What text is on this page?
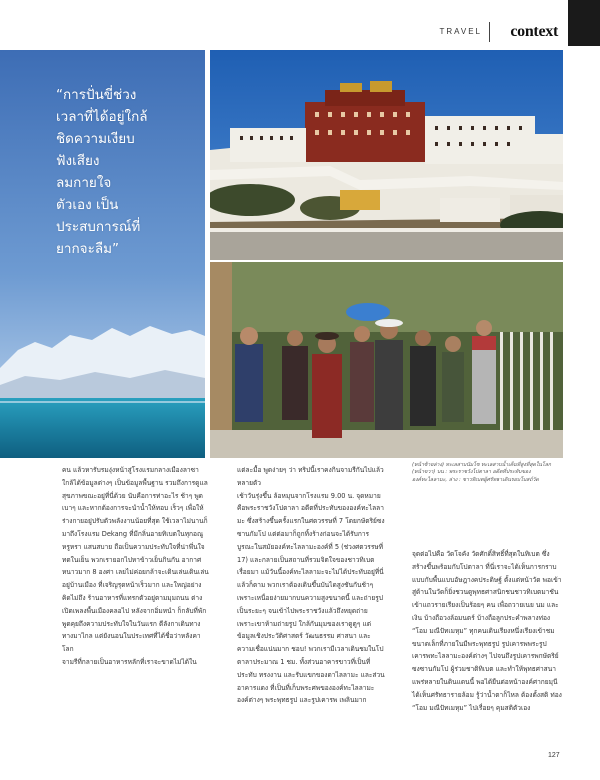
TRAVEL context
“การปั่นขี่ช่วง
เวลาที่ได้อยู่ใกล้
ชิดความเงียบ
ฟังเสียง
ลมกายใจ
ตัวเอง เป็น
ประสบการณ์ที่
ยากจะลืม”
(หน้าซ้ายล่าง) ทะเลสาบนัมโซ ทะเลสาบน้ำเค็มที่สูงที่สุดในโลก
(หน้าขวา) บน : พระราชวังโปตาลา อดีตที่ประทับของ
องค์ทะไลลามะ, ล่าง : ชาวทิเบตผู้ศรัทธาเดินรอบโบสถ์วัด

คน แล้วหารับรมงุ่งหน้าสู่โรงแรมกลางเมืองลาซา ใกล้ได้ข้อมูลต่างๆ เป็นข้อมูลพื้นฐาน รวมถึงการดูแลสุขภาพขณะอยู่ที่นี่ด้วย นับคือการท่าอะไร ช้าๆ พูดเบาๆ และหากต้องการจะนำน้ำให้ทอบ เร็วๆ เพื่อให้ร่างกายอยู่ปรับตัวพลังงานน้อยที่สุด ใช้เวลาไม่นานก็มาถึงโรงแรม Dekang ที่มีกลิ่นอายทิเบตในทุกอณู หรูหรา แสนสบาย ถือเป็นความประทับใจที่น่าพึ่นใจ

ทดในเย็น พวกเรายอกไปหาข้าวเย็นกินกัน อากาศหนาวมาก 8 องศา เลยไม่ค่อยกล้าจะเดินเล่นเดินเล่นอยู่บ้านเมือง ที่เจริญรุดหน้าเร็วมาก และใหญ่อย่างคิดไม่ถึง ร้านอาหารที่แทรกตัวอยู่ตามมุมถนน ต่างเปิดเพลงพื้นเมืองคลอไป หลังจากอิ่มหนำ ก็กลับที่พักพูดคุยถึงความประทับใจในวันแรก ตีลังกาเดินทางทางมาไกล แต่ยังนอนในประเทศที่ได้ชื่อว่าหลังคาโลก

จามรีที่กลายเป็นอาหารหลักที่เราจะขาดไม่ได้ใน

แต่ละมื้อ พูดง่ายๆ ว่า ทริปนี้เราคงกินจามรีกันไปแล้วหลายตัว

เช้าวันรุ่งขึ้น ล้อหมุนจากโรงแรม 9.00 น. จุดหมายคือพระราชวังโปตาลา อดีตที่ประทับขององค์ทะไลลามะ ซึ่งสร้างขึ้นครั้งแรกในศตวรรษที่ 7 โดยกษัตริย์ซงซานกัมโป แต่ต่อมาก็ถูกทิ้งร้างก่อนจะได้รับการบูรณะในสมัยองค์ทะไลลามะองค์ที่ 5 (ช่วงศตวรรษที่ 17) และกลายเป็นสถานที่รวมจิตใจของชาวทิเบตเรื่อยมา แม้วันนี้องค์ทะไลลามะจะไม่ได้ประทับอยู่ที่นี่แล้วก็ตาม พวกเราต้องเดินขึ้นบันไดสูงชันกันช้าๆ เพราะเหนื่อยง่ายมากบนความสูงขนาดนี้ และถ่ายรูปเป็นระยะๆ จนเข้าไปพระราชวังแล้วถึงหยุดถ่าย เพราะเขาห้ามถ่ายรูป ใกล้กันมุมของเราดูตูๆ แต่ข้อมูลเชิงประวัติศาสตร์ วัฒนธรรม ศาสนา และความเชื่อแน่นมาก ชอบ! พวกเรามีเวลาเดินชมในโปตาลาประมาณ 1 ชม. ทั้งส่วนอาคารขาวที่เป็นที่ประทับ ทรงงาน และรับแขกของดาไลลามะ และส่วนอาคารแดง ที่เป็นที่เก็บพระศพขององค์ทะไลลามะองค์ต่างๆ พระพุทธรูป และรูปเคารพ เพลินมาก

จุดต่อไปคือ วัดโจคัง วัดศักดิ์สิทธิ์ที่สุดในทิเบต ซึ่งสร้างขึ้นพร้อมกับโปตาลา ที่นี่เราจะได้เห็นการกราบแบบกับพื้นแบบอัษฎางคประดิษฐ์ ตั้งแต่หน้าวัด พอเข้าสู่ด้านในวัดก็ยิ่งชวนดูพุทธศาสนิกชนชาวทิเบตมาชันเข้าแถวรายเรียงเป็นร้อยๆ คน เพื่อถวายเนย นม และเงิน บ้างถือวงล้อมนตร์ บ้างถือลูกประคำพลางท่อง “โอม มณีปัทเมหุม” ทุกคนเดินเรียงหนึ่งเรียงเข้าชมขนาดเล็กที่ภายในมีพระพุทธรูป รูปเคารพพระรูปเคารพทะไลลามะองค์ต่างๆ ไปจนถึงรูปเคารพกษัตริย์ซงซานกัมโป ผู้ร่วมชาติทิเบต และทำให้พุทธศาสนาแพร่หลายในดินแดนนี้ พอได้ยืนต่อหน้าองค์ศากยมุนี ได้เห็นศรัทธารายล้อม รู้ว่าน้ำตาก็ไหล ต้องตั้งสติ ท่อง “โอม มณีปัทเมหุม” ไปเรื่อยๆ คุมสติตัวเอง

127
